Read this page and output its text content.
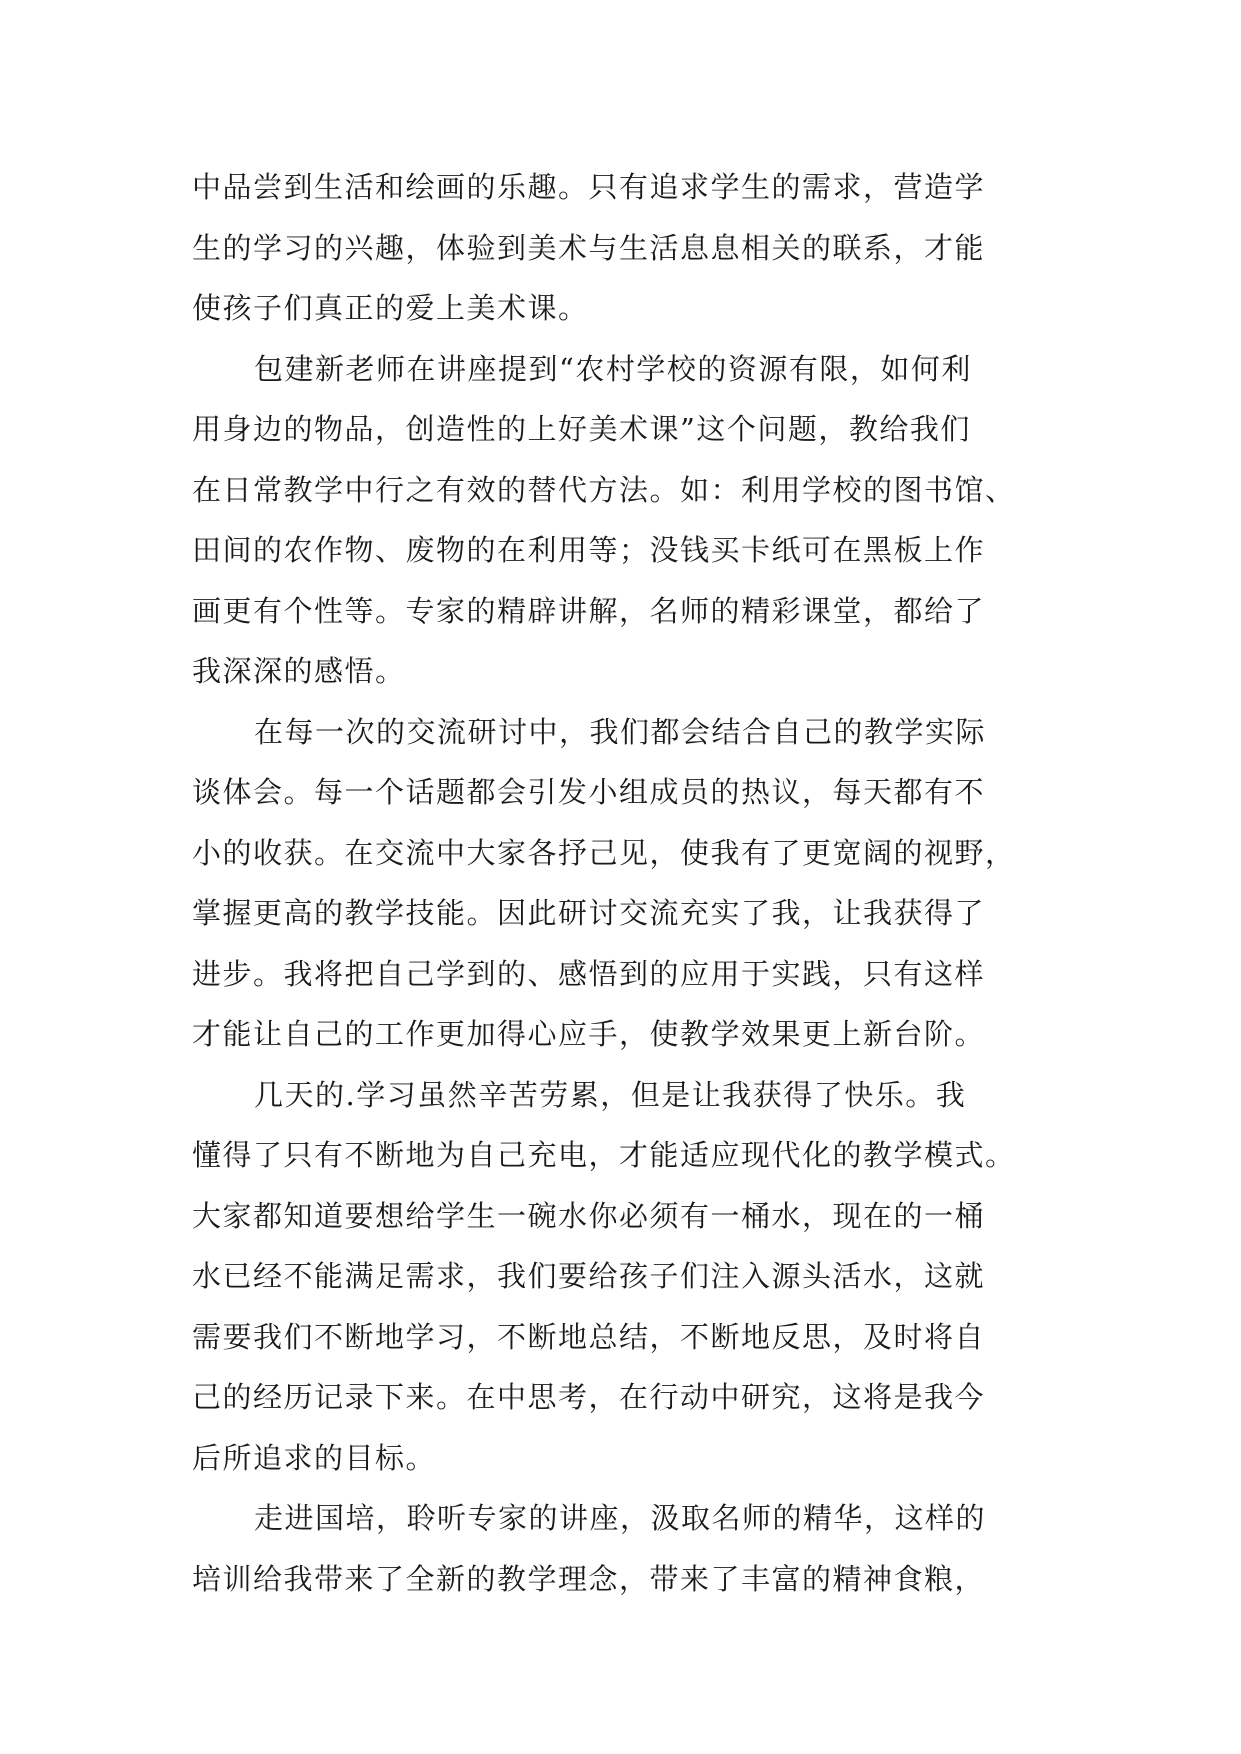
中品尝到生活和绘画的乐趣。只有追求学生的需求，营造学
生的学习的兴趣，体验到美术与生活息息相关的联系，才能
使孩子们真正的爱上美术课。
包建新老师在讲座提到“农村学校的资源有限，如何利
用身边的物品，创造性的上好美术课”这个问题，教给我们
在日常教学中行之有效的替代方法。如：利用学校的图书馆、
田间的农作物、废物的在利用等；没钱买卡纸可在黑板上作
画更有个性等。专家的精辟讲解，名师的精彩课堂，都给了
我深深的感悟。
在每一次的交流研讨中，我们都会结合自己的教学实际
谈体会。每一个话题都会引发小组成员的热议，每天都有不
小的收获。在交流中大家各抒己见，使我有了更宽阔的视野，
掌握更高的教学技能。因此研讨交流充实了我，让我获得了
进步。我将把自己学到的、感悟到的应用于实践，只有这样
才能让自己的工作更加得心应手，使教学效果更上新台阶。
几天的.学习虽然辛苦劳累，但是让我获得了快乐。我
懂得了只有不断地为自己充电，才能适应现代化的教学模式。
大家都知道要想给学生一碗水你必须有一桶水，现在的一桶
水已经不能满足需求，我们要给孩子们注入源头活水，这就
需要我们不断地学习，不断地总结，不断地反思，及时将自
己的经历记录下来。在中思考，在行动中研究，这将是我今
后所追求的目标。
走进国培，聆听专家的讲座，汲取名师的精华，这样的
培训给我带来了全新的教学理念，带来了丰富的精神食粮，
